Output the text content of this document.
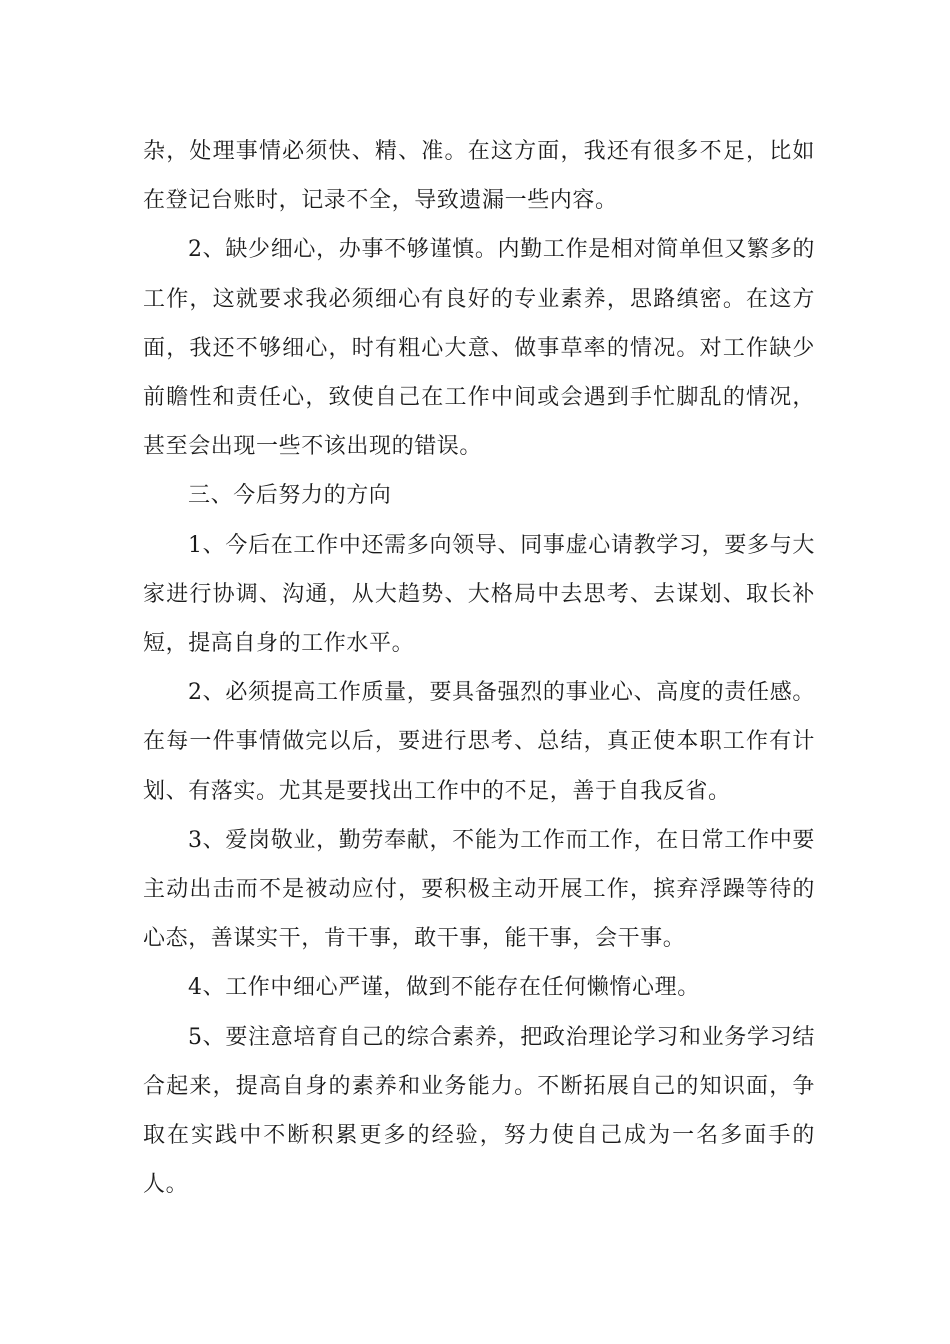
杂，处理事情必须快、精、准。在这方面，我还有很多不足，比如在登记台账时，记录不全，导致遗漏一些内容。

2、缺少细心，办事不够谨慎。内勤工作是相对简单但又繁多的工作，这就要求我必须细心有良好的专业素养，思路缜密。在这方面，我还不够细心，时有粗心大意、做事草率的情况。对工作缺少前瞻性和责任心，致使自己在工作中间或会遇到手忙脚乱的情况，甚至会出现一些不该出现的错误。

三、今后努力的方向

1、今后在工作中还需多向领导、同事虚心请教学习，要多与大家进行协调、沟通，从大趋势、大格局中去思考、去谋划、取长补短，提高自身的工作水平。

2、必须提高工作质量，要具备强烈的事业心、高度的责任感。在每一件事情做完以后，要进行思考、总结，真正使本职工作有计划、有落实。尤其是要找出工作中的不足，善于自我反省。

3、爱岗敬业，勤劳奉献，不能为工作而工作，在日常工作中要主动出击而不是被动应付，要积极主动开展工作，摈弃浮躁等待的心态，善谋实干，肯干事，敢干事，能干事，会干事。

4、工作中细心严谨，做到不能存在任何懒惰心理。

5、要注意培育自己的综合素养，把政治理论学习和业务学习结合起来，提高自身的素养和业务能力。不断拓展自己的知识面，争取在实践中不断积累更多的经验，努力使自己成为一名多面手的人。
